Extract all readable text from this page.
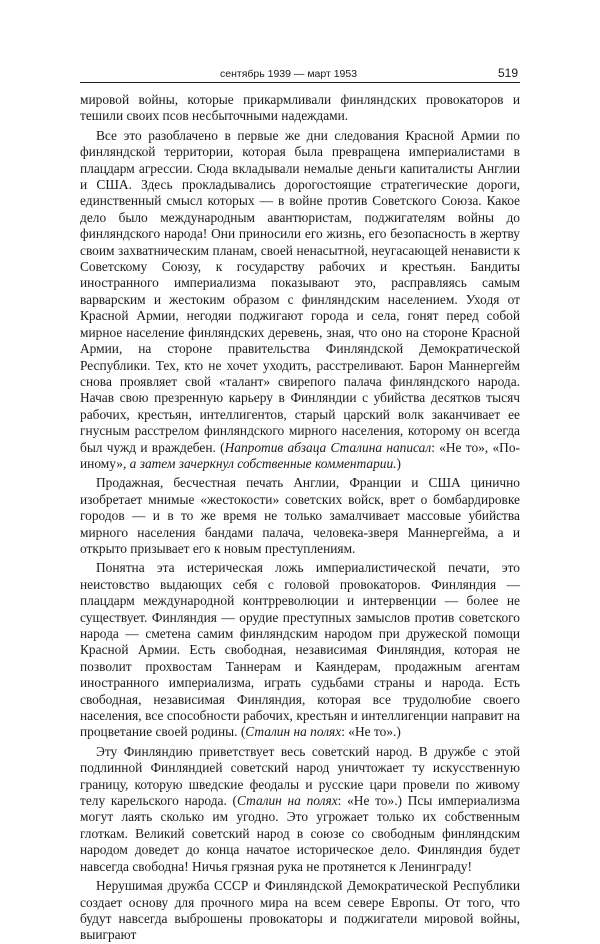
сентябрь 1939 — март 1953	519

мировой войны, которые прикармливали финляндских провокаторов и тешили своих псов несбыточными надеждами.

Все это разоблачено в первые же дни следования Красной Армии по финляндской территории, которая была превращена империалистами в плацдарм агрессии. Сюда вкладывали немалые деньги капиталисты Англии и США. Здесь прокладывались дорогостоящие стратегические дороги, единственный смысл которых — в войне против Советского Союза. Какое дело было международным авантюристам, поджигателям войны до финляндского народа! Они приносили его жизнь, его безопасность в жертву своим захватническим планам, своей ненасытной, неугасающей ненависти к Советскому Союзу, к государству рабочих и крестьян. Бандиты иностранного империализма показывают это, расправляясь самым варварским и жестоким образом с финляндским населением. Уходя от Красной Армии, негодяи поджигают города и села, гонят перед собой мирное население финляндских деревень, зная, что оно на стороне Красной Армии, на стороне правительства Финляндской Демократической Республики. Тех, кто не хочет уходить, расстреливают. Барон Маннергейм снова проявляет свой «талант» свирепого палача финляндского народа. Начав свою презренную карьеру в Финляндии с убийства десятков тысяч рабочих, крестьян, интеллигентов, старый царский волк заканчивает ее гнусным расстрелом финляндского мирного населения, которому он всегда был чужд и враждебен. (Напротив абзаца Сталина написал: «Не то», «По-иному», а затем зачеркнул собственные комментарии.)

Продажная, бесчестная печать Англии, Франции и США цинично изобретает мнимые «жестокости» советских войск, врет о бомбардировке городов — и в то же время не только замалчивает массовые убийства мирного населения бандами палача, человека-зверя Маннергейма, а и открыто призывает его к новым преступлениям.

Понятна эта истерическая ложь империалистической печати, это неистовство выдающих себя с головой провокаторов. Финляндия — плацдарм международной контрреволюции и интервенции — более не существует. Финляндия — орудие преступных замыслов против советского народа — сметена самим финляндским народом при дружеской помощи Красной Армии. Есть свободная, независимая Финляндия, которая не позволит прохвостам Таннерам и Каяндерам, продажным агентам иностранного империализма, играть судьбами страны и народа. Есть свободная, независимая Финляндия, которая все трудолюбие своего населения, все способности рабочих, крестьян и интеллигенции направит на процветание своей родины. (Сталин на полях: «Не то».)

Эту Финляндию приветствует весь советский народ. В дружбе с этой подлинной Финляндией советский народ уничтожает ту искусственную границу, которую шведские феодалы и русские цари провели по живому телу карельского народа. (Сталин на полях: «Не то».) Псы империализма могут лаять сколько им угодно. Это угрожает только их собственным глоткам. Великий советский народ в союзе со свободным финляндским народом доведет до конца начатое историческое дело. Финляндия будет навсегда свободна! Ничья грязная рука не протянется к Ленинграду!

Нерушимая дружба СССР и Финляндской Демократической Республики создает основу для прочного мира на всем севере Европы. От того, что будут навсегда выброшены провокаторы и поджигатели мировой войны, выиграют
